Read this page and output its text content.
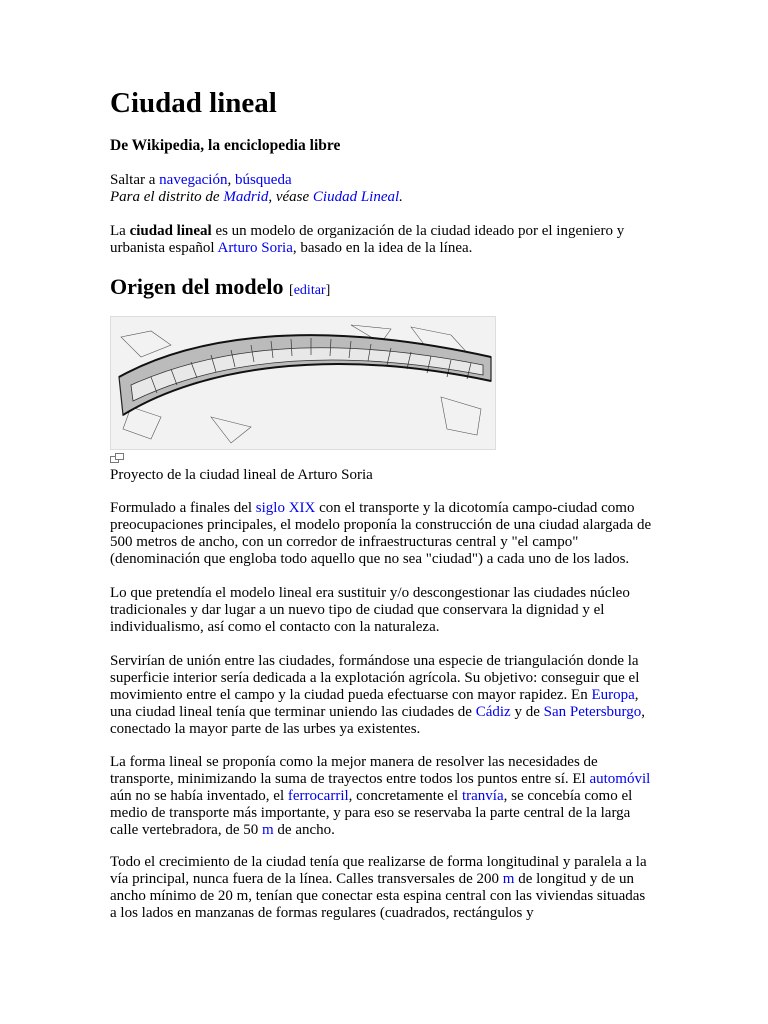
Ciudad lineal

De Wikipedia, la enciclopedia libre

Saltar a navegación, búsqueda
Para el distrito de Madrid, véase Ciudad Lineal.

La ciudad lineal es un modelo de organización de la ciudad ideado por el ingeniero y urbanista español Arturo Soria, basado en la idea de la línea.

Origen del modelo [editar]

Proyecto de la ciudad lineal de Arturo Soria

Formulado a finales del siglo XIX con el transporte y la dicotomía campo-ciudad como preocupaciones principales, el modelo proponía la construcción de una ciudad alargada de 500 metros de ancho, con un corredor de infraestructuras central y "el campo" (denominación que engloba todo aquello que no sea "ciudad") a cada uno de los lados.

Lo que pretendía el modelo lineal era sustituir y/o descongestionar las ciudades núcleo tradicionales y dar lugar a un nuevo tipo de ciudad que conservara la dignidad y el individualismo, así como el contacto con la naturaleza.

Servirían de unión entre las ciudades, formándose una especie de triangulación donde la superficie interior sería dedicada a la explotación agrícola. Su objetivo: conseguir que el movimiento entre el campo y la ciudad pueda efectuarse con mayor rapidez. En Europa, una ciudad lineal tenía que terminar uniendo las ciudades de Cádiz y de San Petersburgo, conectado la mayor parte de las urbes ya existentes.

La forma lineal se proponía como la mejor manera de resolver las necesidades de transporte, minimizando la suma de trayectos entre todos los puntos entre sí. El automóvil aún no se había inventado, el ferrocarril, concretamente el tranvía, se concebía como el medio de transporte más importante, y para eso se reservaba la parte central de la larga calle vertebradora, de 50 m de ancho.

Todo el crecimiento de la ciudad tenía que realizarse de forma longitudinal y paralela a la vía principal, nunca fuera de la línea. Calles transversales de 200 m de longitud y de un ancho mínimo de 20 m, tenían que conectar esta espina central con las viviendas situadas a los lados en manzanas de formas regulares (cuadrados, rectángulos y
